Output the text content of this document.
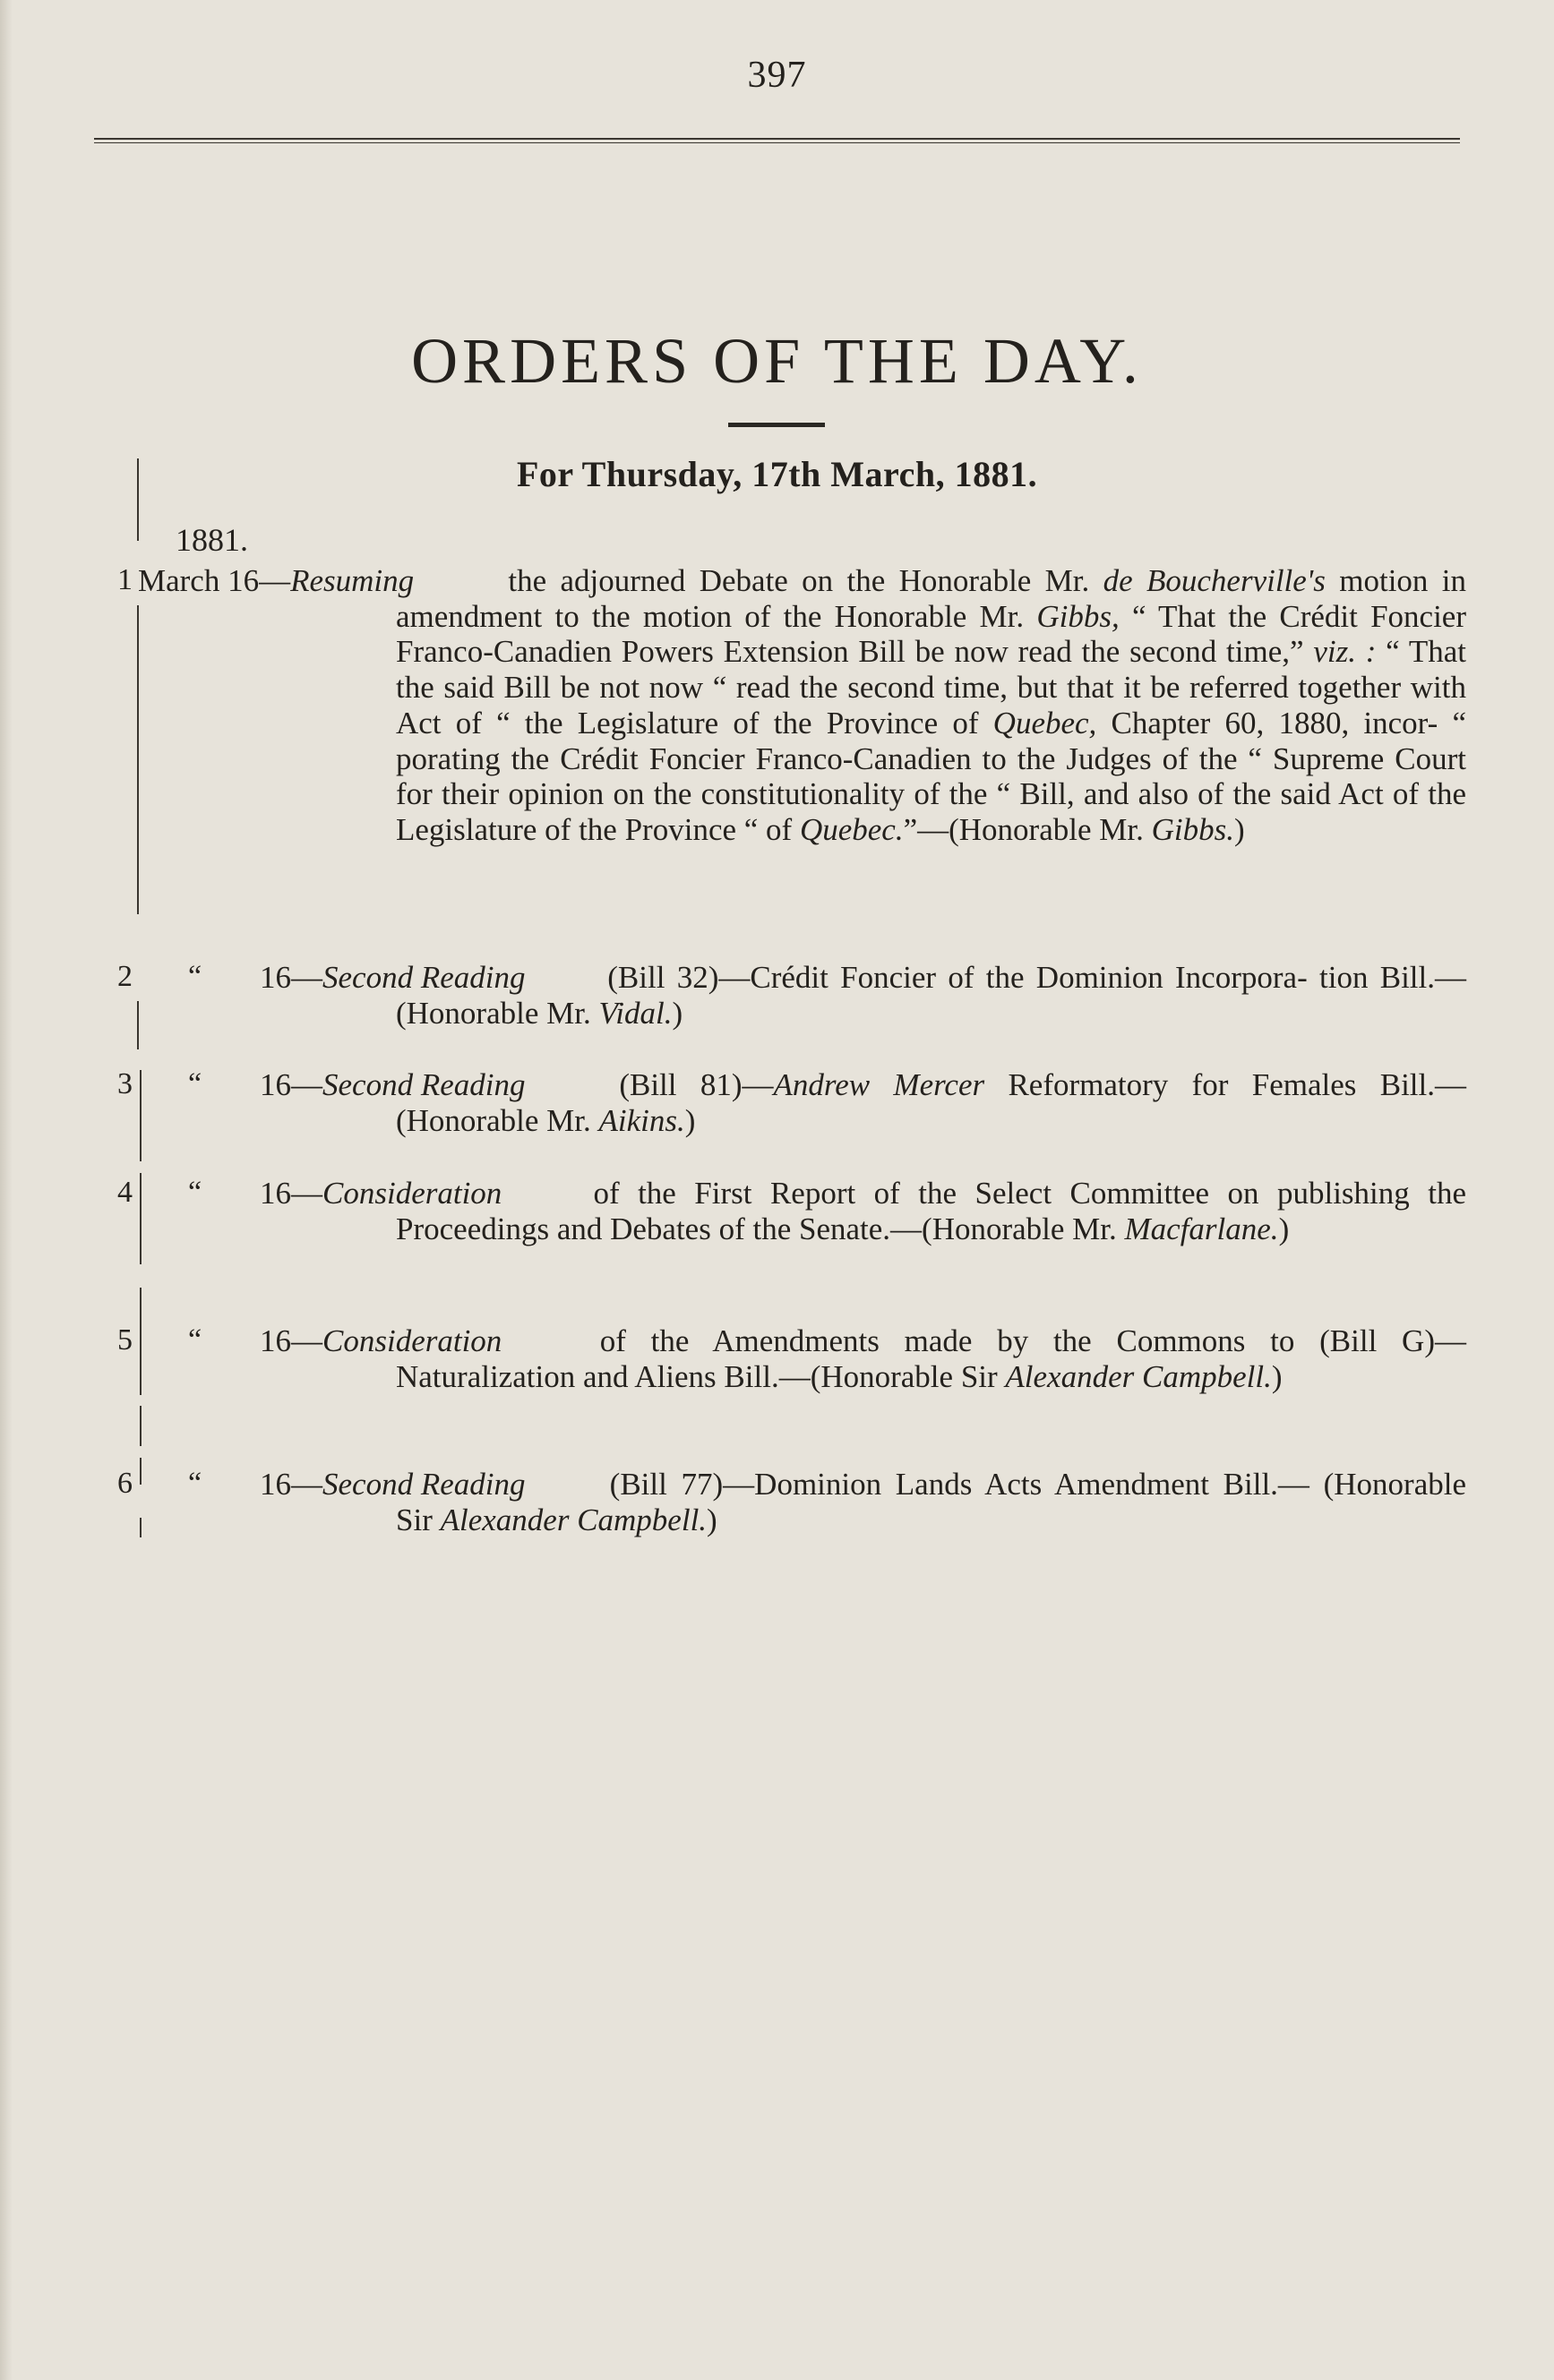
397
ORDERS OF THE DAY.
For Thursday, 17th March, 1881.
1881.
1 March 16—Resuming	the adjourned Debate on the Honorable Mr. de Boucherville's motion in amendment to the motion of the Honorable Mr. Gibbs, “ That the Crédit Foncier Franco-Canadien Powers Extension Bill be now read the second time,” viz. : “ That the said Bill be not now “ read the second time, but that it be referred together with Act of “ the Legislature of the Province of Quebec, Chapter 60, 1880, incor- “ porating the Crédit Foncier Franco-Canadien to the Judges of the “ Supreme Court for their opinion on the constitutionality of the “ Bill, and also of the said Act of the Legislature of the Province “ of Quebec.”—(Honorable Mr. Gibbs.)

2 “ 16—Second Reading	(Bill 32)—Crédit Foncier of the Dominion Incorpora- tion Bill.—(Honorable Mr. Vidal.)

3 “ 16—Second Reading	(Bill 81)—Andrew Mercer Reformatory for Females Bill.—(Honorable Mr. Aikins.)

4 “ 16—Consideration	of the First Report of the Select Committee on publishing the Proceedings and Debates of the Senate.—(Honorable Mr. Macfarlane.)

5 “ 16—Consideration	of the Amendments made by the Commons to (Bill G)— Naturalization and Aliens Bill.—(Honorable Sir Alexander Campbell.)

6 “ 16—Second Reading	(Bill 77)—Dominion Lands Acts Amendment Bill.— (Honorable Sir Alexander Campbell.)
